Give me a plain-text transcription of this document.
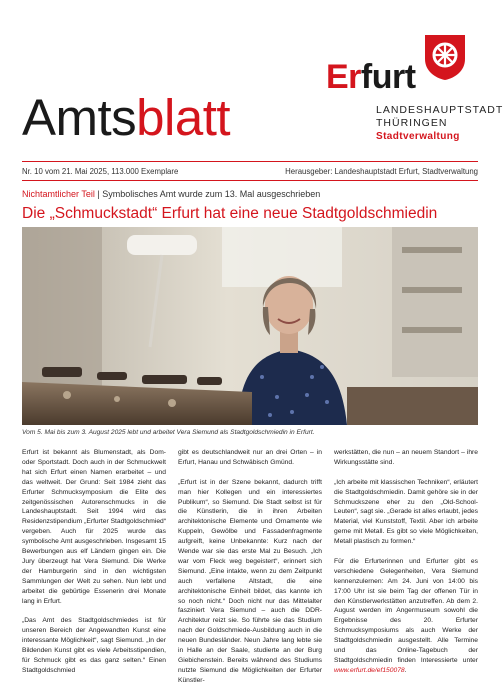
Amtsblatt
Erfurt
LANDESHAUPTSTADT
THÜRINGEN
Stadtverwaltung
Nr. 10 vom 21. Mai 2025, 113.000 Exemplare	Herausgeber: Landeshauptstadt Erfurt, Stadtverwaltung
Nichtamtlicher Teil | Symbolisches Amt wurde zum 13. Mal ausgeschrieben
Die „Schmuckstadt“ Erfurt hat eine neue Stadtgoldschmiedin
Vom 5. Mai bis zum 3. August 2025 lebt und arbeitet Vera Siemund als Stadtgoldschmiedin in Erfurt.

Erfurt ist bekannt als Blumenstadt, als Dom- oder Sportstadt. Doch auch in der Schmuckwelt hat sich Erfurt einen Namen erarbeitet – und das weltweit. Der Grund: Seit 1984 zieht das Erfurter Schmucksymposium die Elite des zeitgenössischen Autorenschmucks in die Landeshauptstadt. Seit 1994 wird das Residenzstipendium „Erfurter Stadtgoldschmied“ vergeben. Auch für 2025 wurde das symbolische Amt ausgeschrieben. Insgesamt 15 Bewerbungen aus elf Ländern gingen ein. Die Jury überzeugt hat Vera Siemund. Die Werke der Hamburgerin sind in den wichtigsten Sammlungen der Welt zu sehen. Nun lebt und arbeitet die gebürtige Essenerin drei Monate lang in Erfurt.

„Das Amt des Stadtgoldschmiedes ist für unseren Bereich der Angewandten Kunst eine interessante Möglichkeit“, sagt Siemund. „In der Bildenden Kunst gibt es viele Arbeitsstipendien, für Schmuck gibt es das ganz selten.“ Einen Stadtgoldschmied

gibt es deutschlandweit nur an drei Orten – in Erfurt, Hanau und Schwäbisch Gmünd.

„Erfurt ist in der Szene bekannt, dadurch trifft man hier Kollegen und ein interessiertes Publikum“, so Siemund. Die Stadt selbst ist für die Künstlerin, die in ihren Arbeiten architektonische Elemente und Ornamente wie Kuppeln, Gewölbe und Fassadenfragmente aufgreift, keine Unbekannte: Kurz nach der Wende war sie das erste Mal zu Besuch. „Ich war vom Fleck weg begeistert“, erinnert sich Siemund. „Eine intakte, wenn zu dem Zeitpunkt auch verfallene Altstadt, die eine architektonische Einheit bildet, das kannte ich so noch nicht.“ Doch nicht nur das Mittelalter fasziniert Vera Siemund – auch die DDR-Architektur reizt sie. So führte sie das Studium nach der Goldschmiede-Ausbildung auch in die neuen Bundesländer. Neun Jahre lang lebte sie in Halle an der Saale, studierte an der Burg Giebichenstein. Bereits während des Studiums nutzte Siemund die Möglichkeiten der Erfurter Künstler-

werkstätten, die nun – an neuem Standort – ihre Wirkungsstätte sind.

„Ich arbeite mit klassischen Techniken“, erläutert die Stadtgoldschmiedin. Damit gehöre sie in der Schmuckszene eher zu den „Old-School-Leuten“, sagt sie. „Gerade ist alles erlaubt, jedes Material, viel Kunststoff, Textil. Aber ich arbeite gerne mit Metall. Es gibt so viele Möglichkeiten, Metall plastisch zu formen.“

Für die Erfurterinnen und Erfurter gibt es verschiedene Gelegenheiten, Vera Siemund kennenzulernen: Am 24. Juni von 14:00 bis 17:00 Uhr ist sie beim Tag der offenen Tür in den Künstlerwerkstätten anzutreffen. Ab dem 2. August werden im Angermuseum sowohl die Ergebnisse des 20. Erfurter Schmucksymposiums als auch Werke der Stadtgoldschmiedin ausgestellt. Alle Termine und das Online-Tagebuch der Stadtgoldschmiedin finden Interessierte unter www.erfurt.de/ef150078.
